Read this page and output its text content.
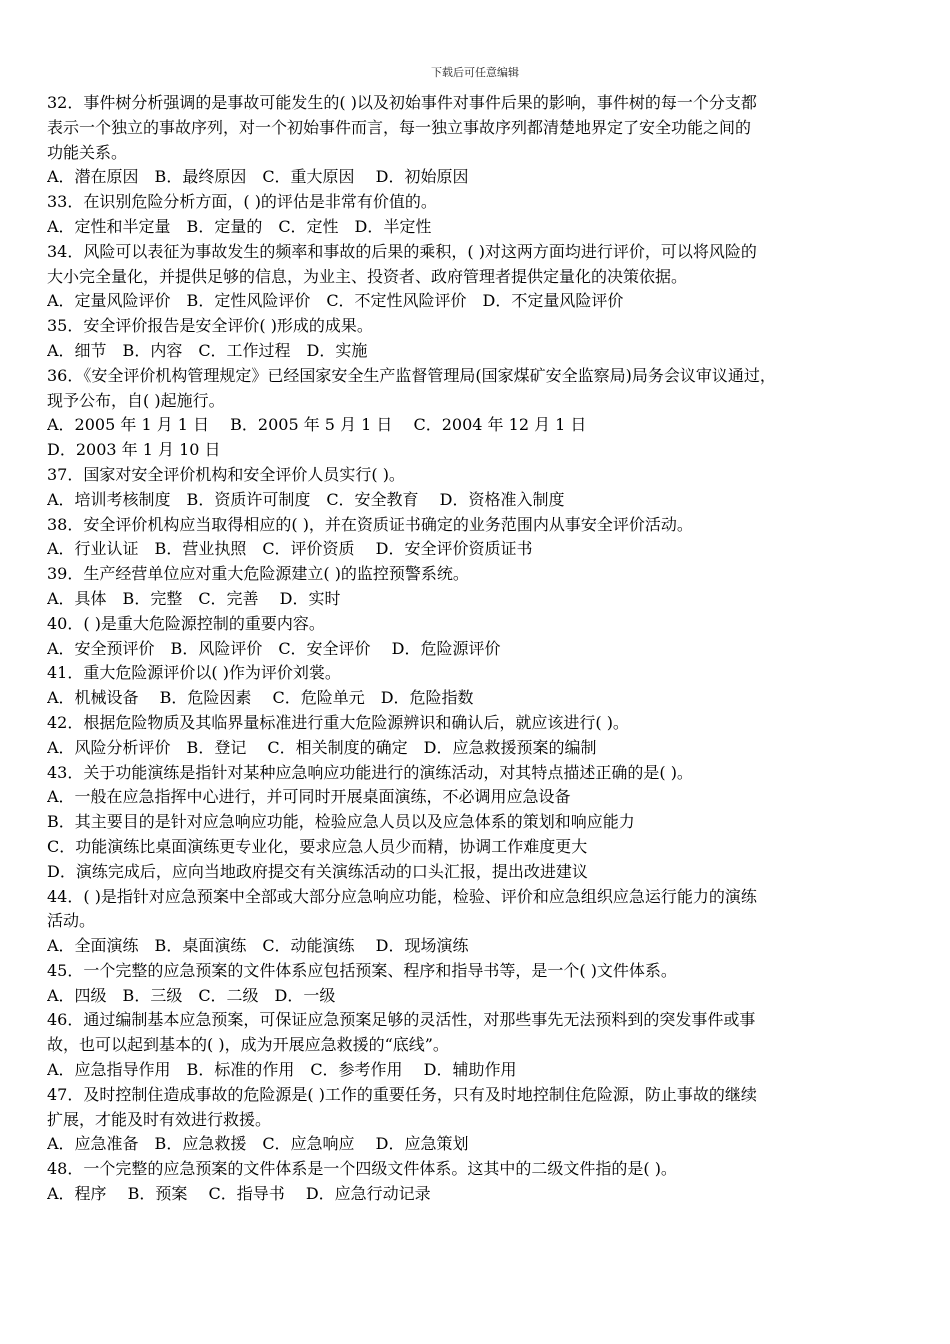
下载后可任意编辑
32．事件树分析强调的是事故可能发生的( )以及初始事件对事件后果的影响，事件树的每一个分支都
表示一个独立的事故序列，对一个初始事件而言，每一独立事故序列都清楚地界定了安全功能之间的
功能关系。
A．潜在原因　B．最终原因　C．重大原因　 D．初始原因
33．在识别危险分析方面，( )的评估是非常有价值的。
A．定性和半定量　B．定量的　C．定性　D．半定性
34．风险可以表征为事故发生的频率和事故的后果的乘积，( )对这两方面均进行评价，可以将风险的
大小完全量化，并提供足够的信息，为业主、投资者、政府管理者提供定量化的决策依据。
A．定量风险评价　B．定性风险评价　C．不定性风险评价　D．不定量风险评价
35．安全评价报告是安全评价( )形成的成果。
A．细节　B．内容　C．工作过程　D．实施
36．《安全评价机构管理规定》已经国家安全生产监督管理局(国家煤矿安全监察局)局务会议审议通过，
现予公布，自( )起施行。
A．2005 年 1 月 1 日　 B．2005 年 5 月 1 日　 C．2004 年 12 月 1 日
D．2003 年 1 月 10 日
37．国家对安全评价机构和安全评价人员实行( )。
A．培训考核制度　B．资质许可制度　C．安全教育　 D．资格准入制度
38．安全评价机构应当取得相应的( )，并在资质证书确定的业务范围内从事安全评价活动。
A．行业认证　B．营业执照　C．评价资质　 D．安全评价资质证书
39．生产经营单位应对重大危险源建立( )的监控预警系统。
A．具体　B．完整　C．完善　 D．实时
40．( )是重大危险源控制的重要内容。
A．安全预评价　B．风险评价　C．安全评价　 D．危险源评价
41．重大危险源评价以( )作为评价刘裳。
A．机械设备　 B．危险因素　 C．危险单元　D．危险指数
42．根据危险物质及其临界量标准进行重大危险源辨识和确认后，就应该进行( )。
A．风险分析评价　B．登记　 C．相关制度的确定　D．应急救援预案的编制
43．关于功能演练是指针对某种应急响应功能进行的演练活动，对其特点描述正确的是( )。
A．一般在应急指挥中心进行，并可同时开展桌面演练，不必调用应急设备
B．其主要目的是针对应急响应功能，检验应急人员以及应急体系的策划和响应能力
C．功能演练比桌面演练更专业化，要求应急人员少而精，协调工作难度更大
D．演练完成后，应向当地政府提交有关演练活动的口头汇报，提出改进建议
44．( )是指针对应急预案中全部或大部分应急响应功能，检验、评价和应急组织应急运行能力的演练
活动。
A．全面演练　B．桌面演练　C．动能演练　 D．现场演练
45．一个完整的应急预案的文件体系应包括预案、程序和指导书等，是一个( )文件体系。
A．四级　B．三级　C．二级　D．一级
46．通过编制基本应急预案，可保证应急预案足够的灵活性，对那些事先无法预料到的突发事件或事
故，也可以起到基本的( )，成为开展应急救援的“底线”。
A．应急指导作用　B．标准的作用　C．参考作用　 D．辅助作用
47．及时控制住造成事故的危险源是( )工作的重要任务，只有及时地控制住危险源，防止事故的继续
扩展，才能及时有效进行救援。
A．应急准备　B．应急救援　C．应急响应　 D．应急策划
48．一个完整的应急预案的文件体系是一个四级文件体系。这其中的二级文件指的是( )。
A．程序　 B．预案　 C．指导书　 D．应急行动记录
